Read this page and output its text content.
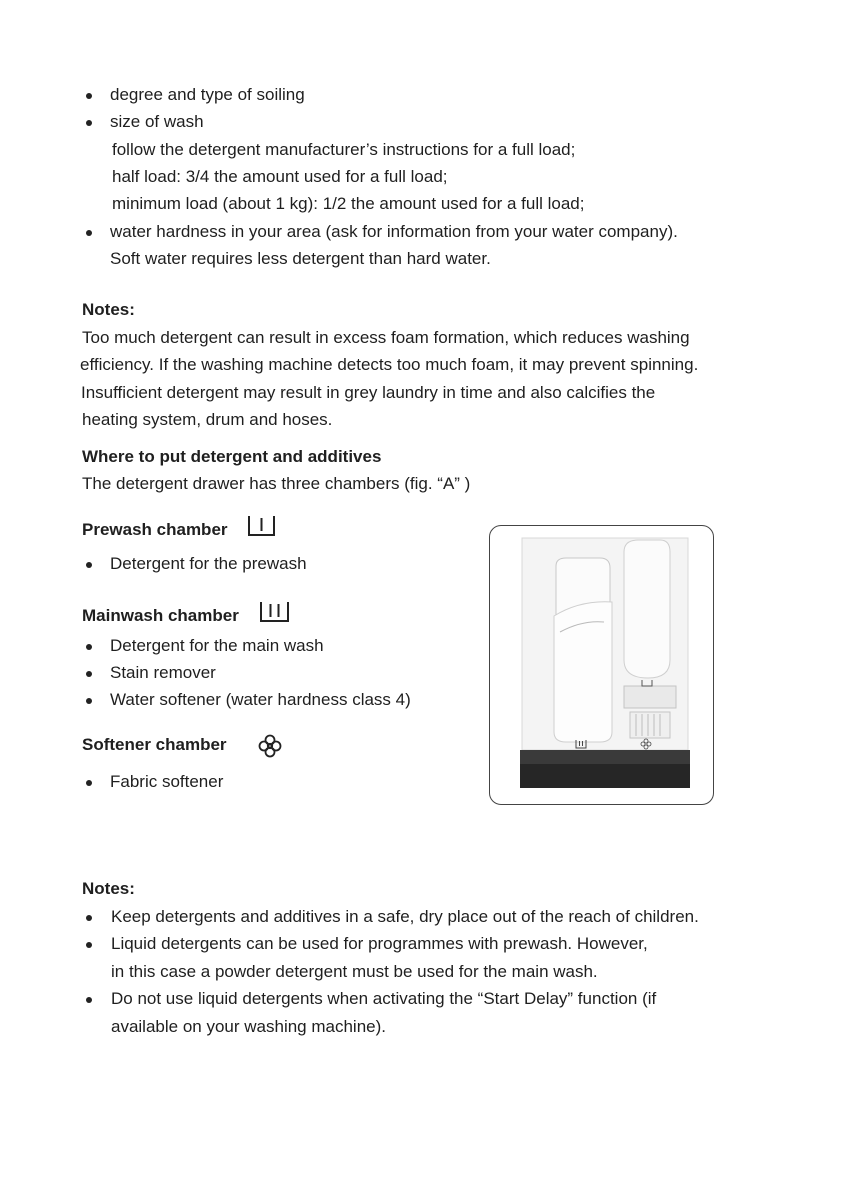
degree and type of soiling
size of wash
follow the detergent manufacturer’s instructions for a full load;
half load: 3/4 the amount used for a full load;
minimum load (about 1 kg): 1/2 the amount used for a full load;
water hardness in your area (ask for information from your water company).
Soft water requires less detergent than hard water.
Notes:
Too much detergent can result in excess foam formation, which reduces washing
efficiency. If the washing machine detects too much foam, it may prevent spinning.
Insufficient detergent may result in grey laundry in time and also calcifies the
heating system, drum and hoses.
Where to put detergent and additives
The detergent drawer has three chambers (fig. “A” )
Prewash chamber
Detergent for the prewash
Mainwash chamber
Detergent for the main wash
Stain remover
Water softener (water hardness class 4)
Softener chamber
Fabric softener
Notes:
Keep detergents and additives in a safe, dry place out of the reach of children.
Liquid detergents can be used for programmes with prewash. However,
in this case a powder detergent must be used for the main wash.
Do not use liquid detergents when activating the “Start Delay” function (if
available on your washing machine).
